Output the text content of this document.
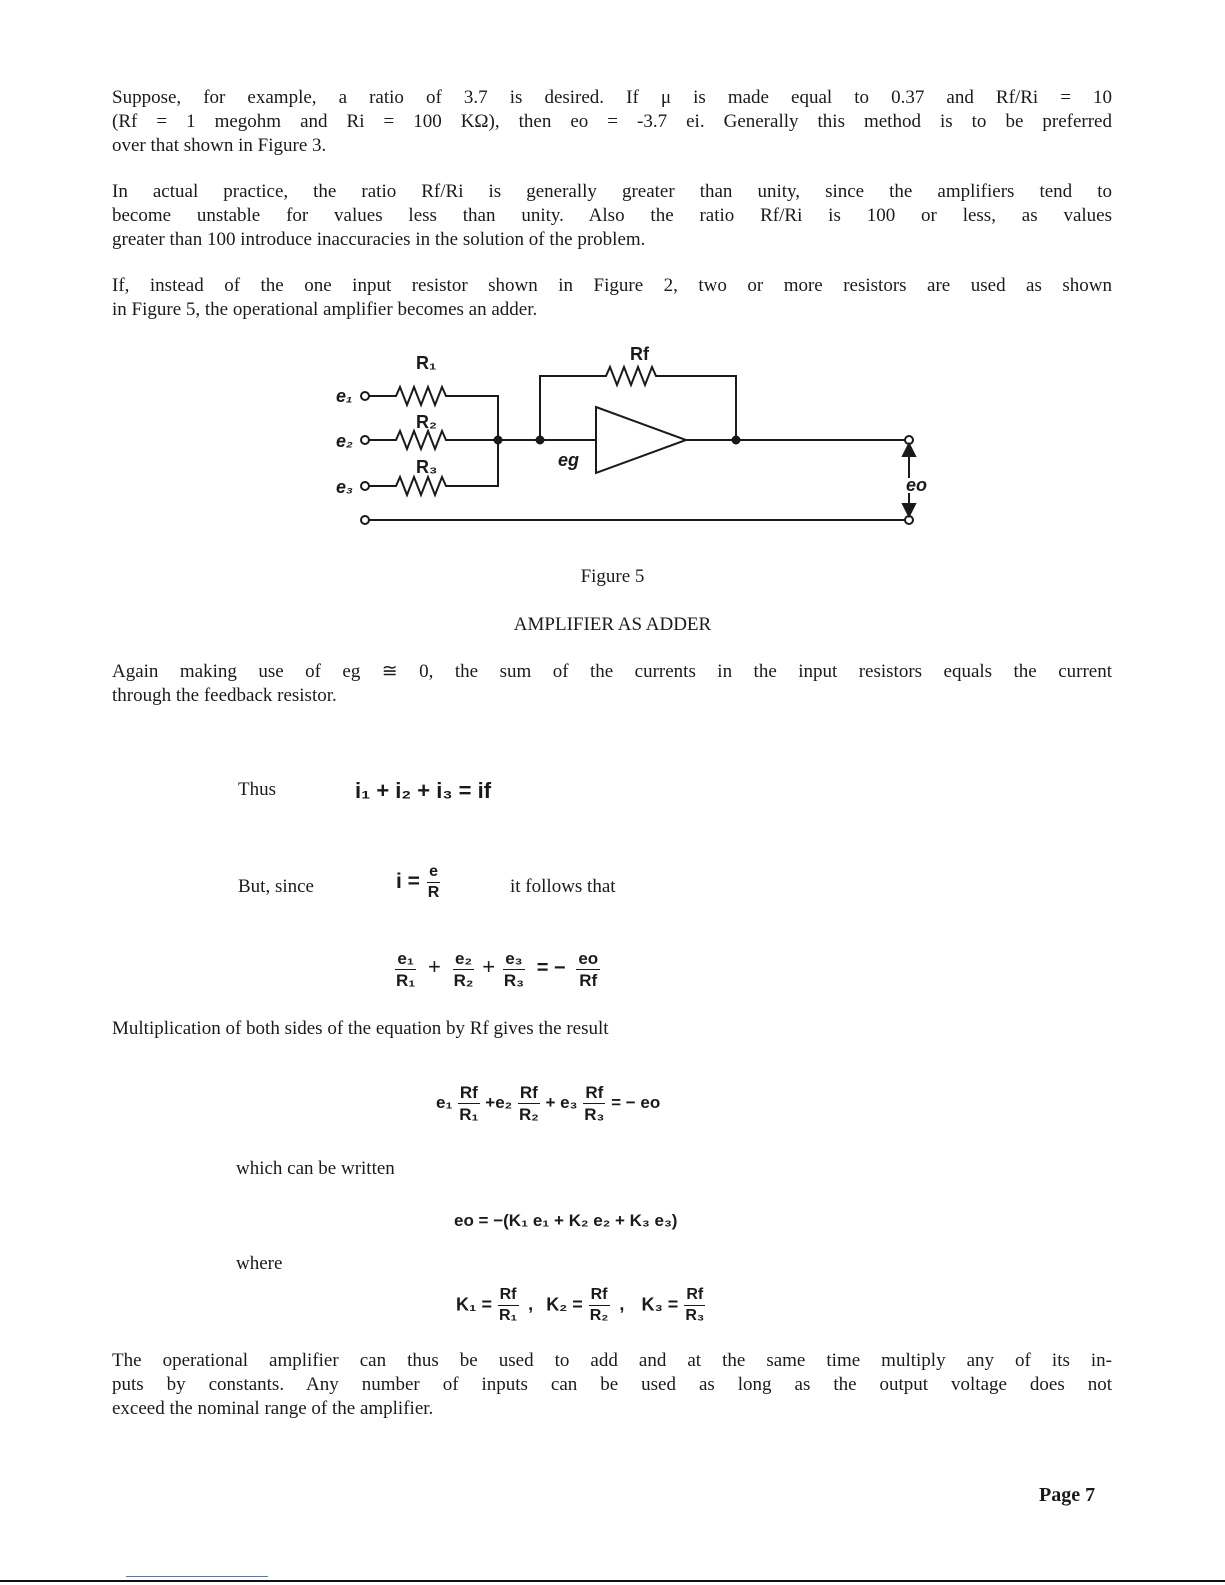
Suppose, for example, a ratio of 3.7 is desired. If μ is made equal to 0.37 and Rf/Ri = 10
(Rf = 1 megohm and Ri = 100 KΩ), then eo = -3.7 ei. Generally this method is to be preferred
over that shown in Figure 3.
In actual practice, the ratio Rf/Ri is generally greater than unity, since the amplifiers tend to
become unstable for values less than unity. Also the ratio Rf/Ri is 100 or less, as values
greater than 100 introduce inaccuracies in the solution of the problem.
If, instead of the one input resistor shown in Figure 2, two or more resistors are used as shown
in Figure 5, the operational amplifier becomes an adder.
R₁
R₂
R₃
Rf
e₁
e₂
e₃
eg
eo
Figure 5
AMPLIFIER AS ADDER
Again making use of eg ≅ 0, the sum of the currents in the input resistors equals the current
through the feedback resistor.
Thus	i₁ + i₂ + i₃ = if
But, since	$i = \frac{e}{R}$	it follows that
$\frac{\text{e₁}}{\text{R₁}} + \frac{\text{e₂}}{\text{R₂}} + \frac{\text{e₃}}{\text{R₃}}$ = − $\frac{eo}{Rf}$
Multiplication of both sides of the equation by Rf gives the result
$e_1 \frac{Rf}{\text{R₁}} +e_2 \frac{Rf}{\text{R₂}} + e_3 \frac{Rf}{\text{R₃}}$ = − eo
which can be written
eo = −(K₁ e₁ + K₂ e₂ + K₃ e₃)
where
$K_1 = \frac{Rf}{\text{R₁}}$ , $K_2 = \frac{Rf}{\text{R₂}}$ , $K_3 = \frac{Rf}{\text{R₃}}$
The operational amplifier can thus be used to add and at the same time multiply any of its in-
puts by constants. Any number of inputs can be used as long as the output voltage does not
exceed the nominal range of the amplifier.
Page 7
